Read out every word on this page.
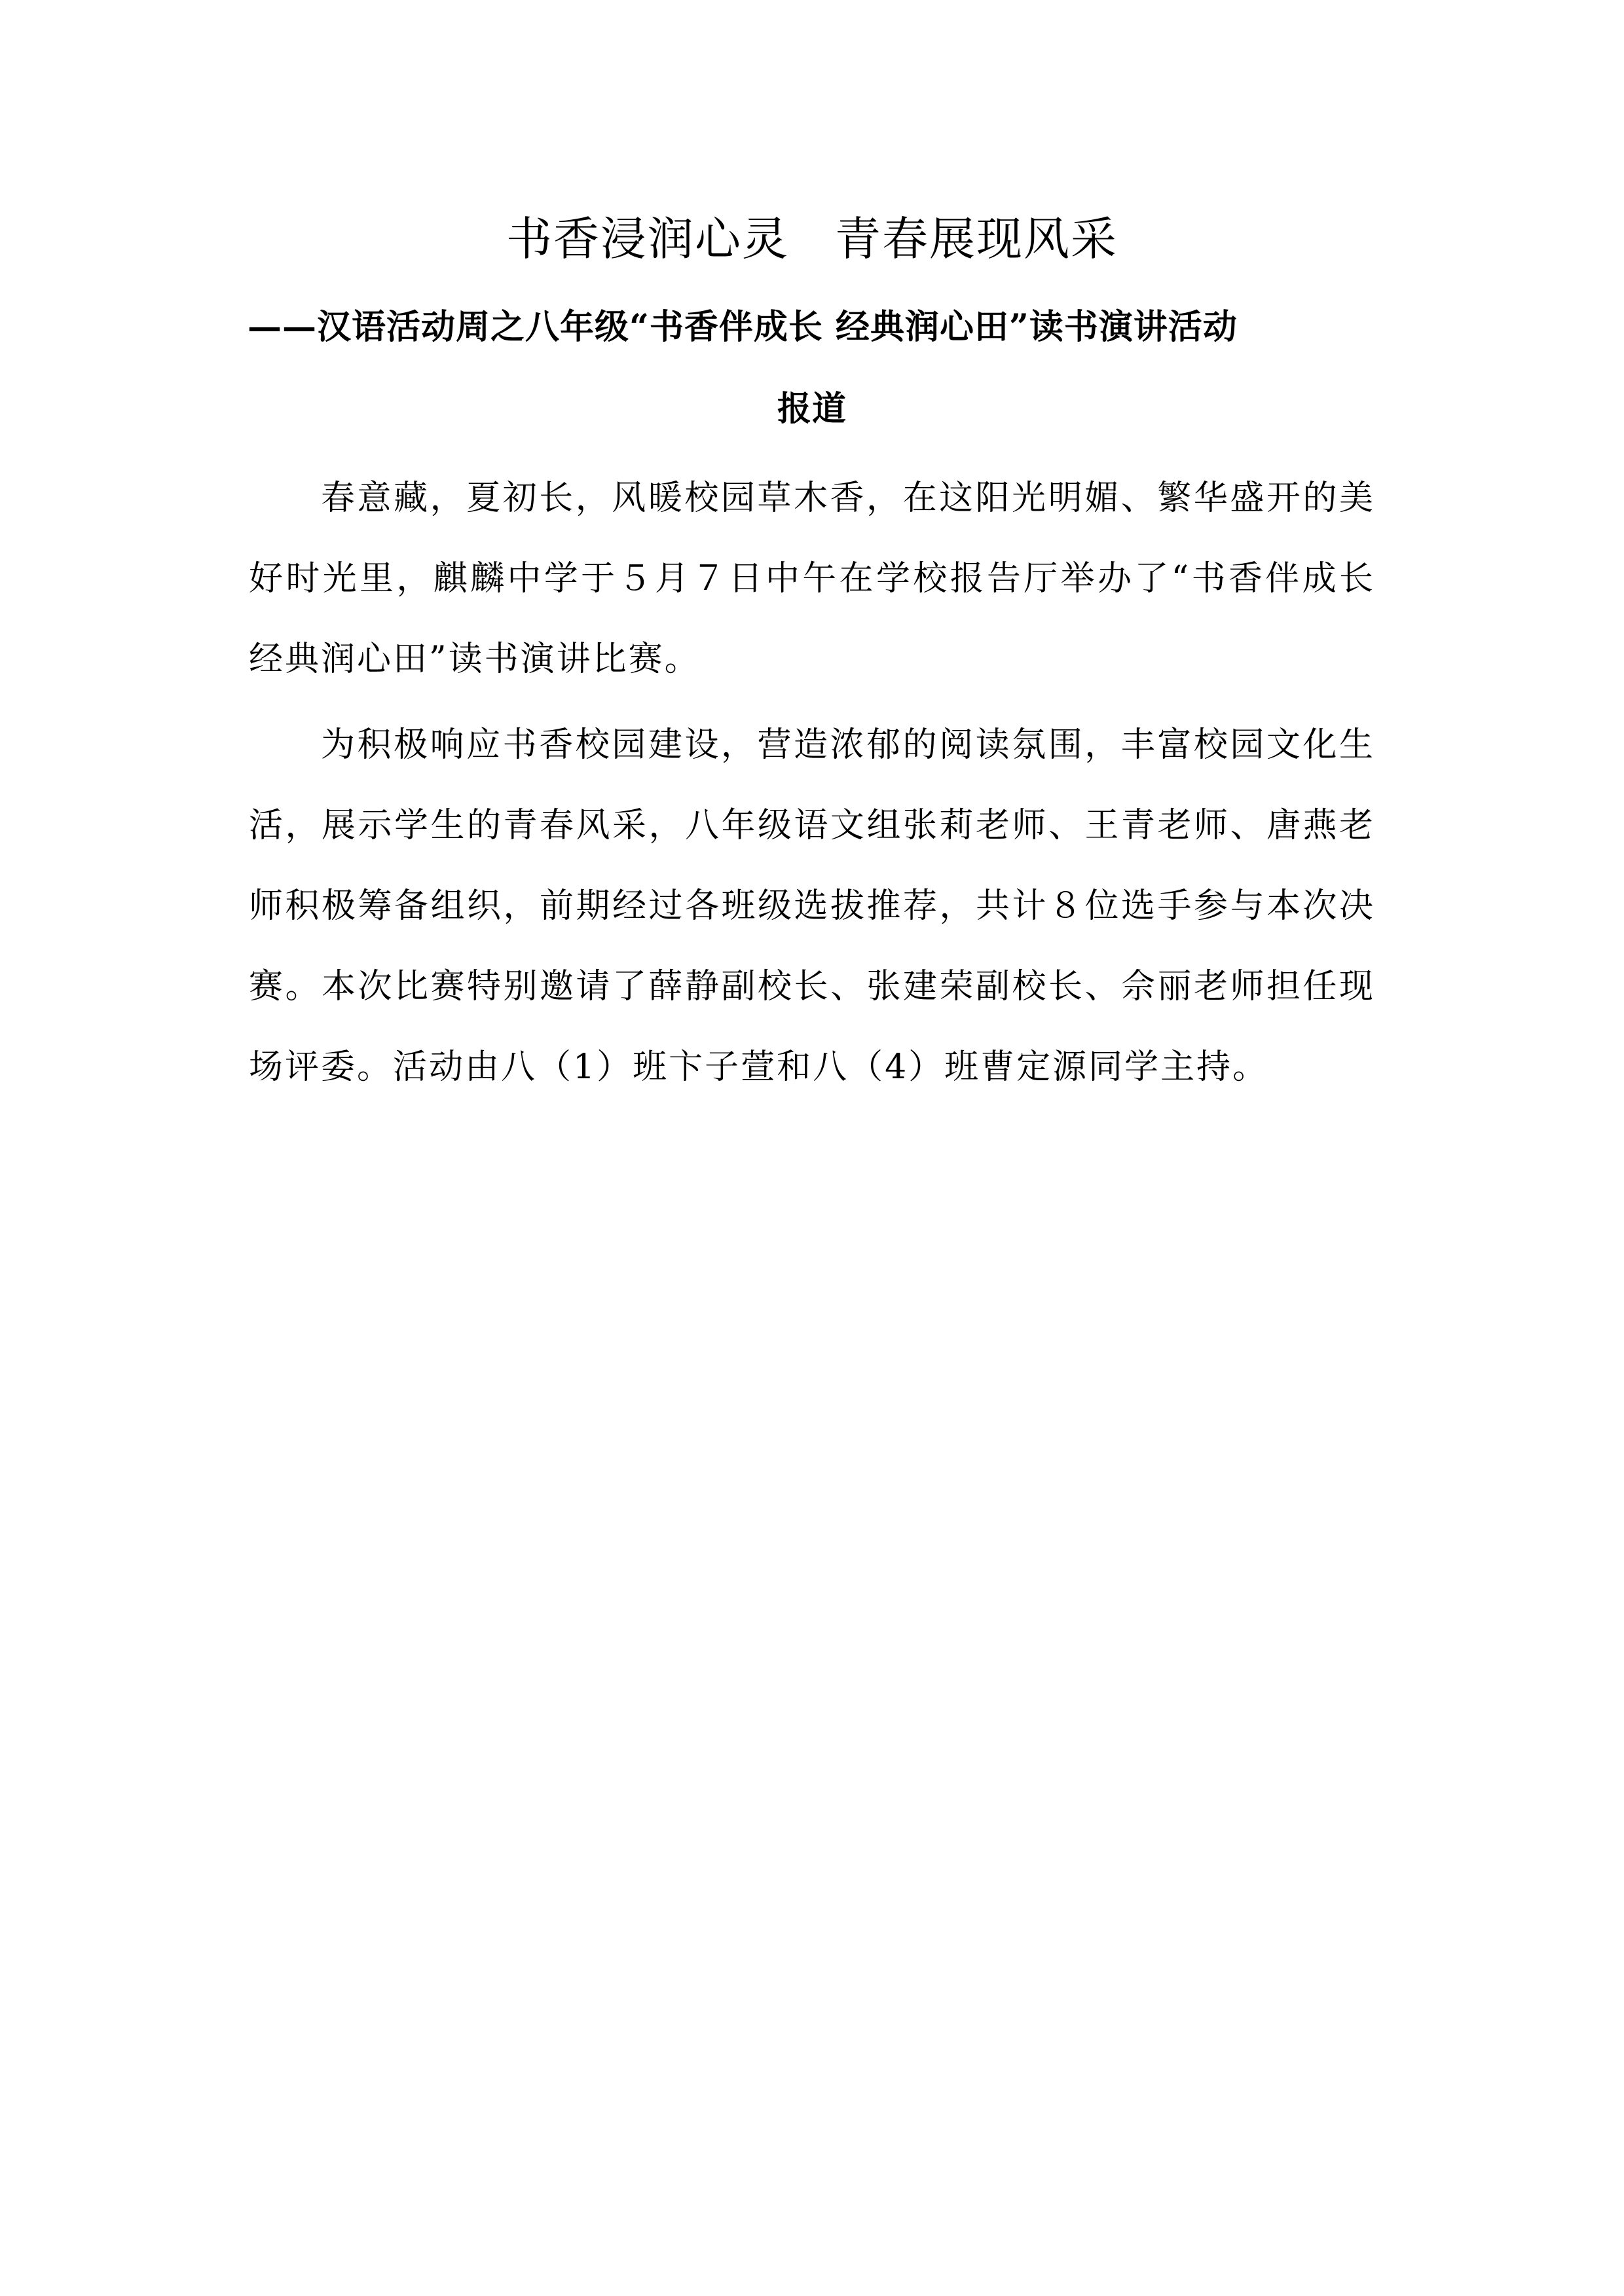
书香浸润心灵 青春展现风采

——汉语活动周之八年级“书香伴成长 经典润心田”读书演讲活动

报道

春意藏，夏初长，风暖校园草木香，在这阳光明媚、繁华盛开的美好时光里，麒麟中学于５月７日中午在学校报告厅举办了“书香伴成长 经典润心田”读书演讲比赛。

为积极响应书香校园建设，营造浓郁的阅读氛围，丰富校园文化生活，展示学生的青春风采，八年级语文组张莉老师、王青老师、唐燕老师积极筹备组织，前期经过各班级选拔推荐，共计８位选手参与本次决赛。本次比赛特别邀请了薛静副校长、张建荣副校长、佘丽老师担任现场评委。活动由八（1）班卞子萱和八（4）班曹定源同学主持。
